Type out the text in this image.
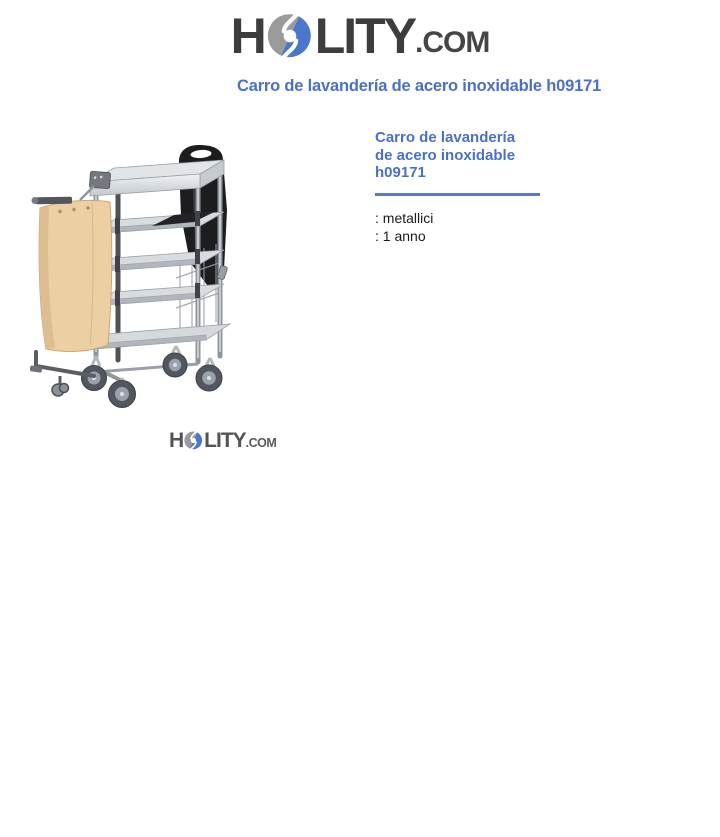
H LITY .COM
Carro de lavandería de acero inoxidable h09171
H LITY .COM
Carro de lavandería de acero inoxidable h09171
: metallici
: 1 anno
